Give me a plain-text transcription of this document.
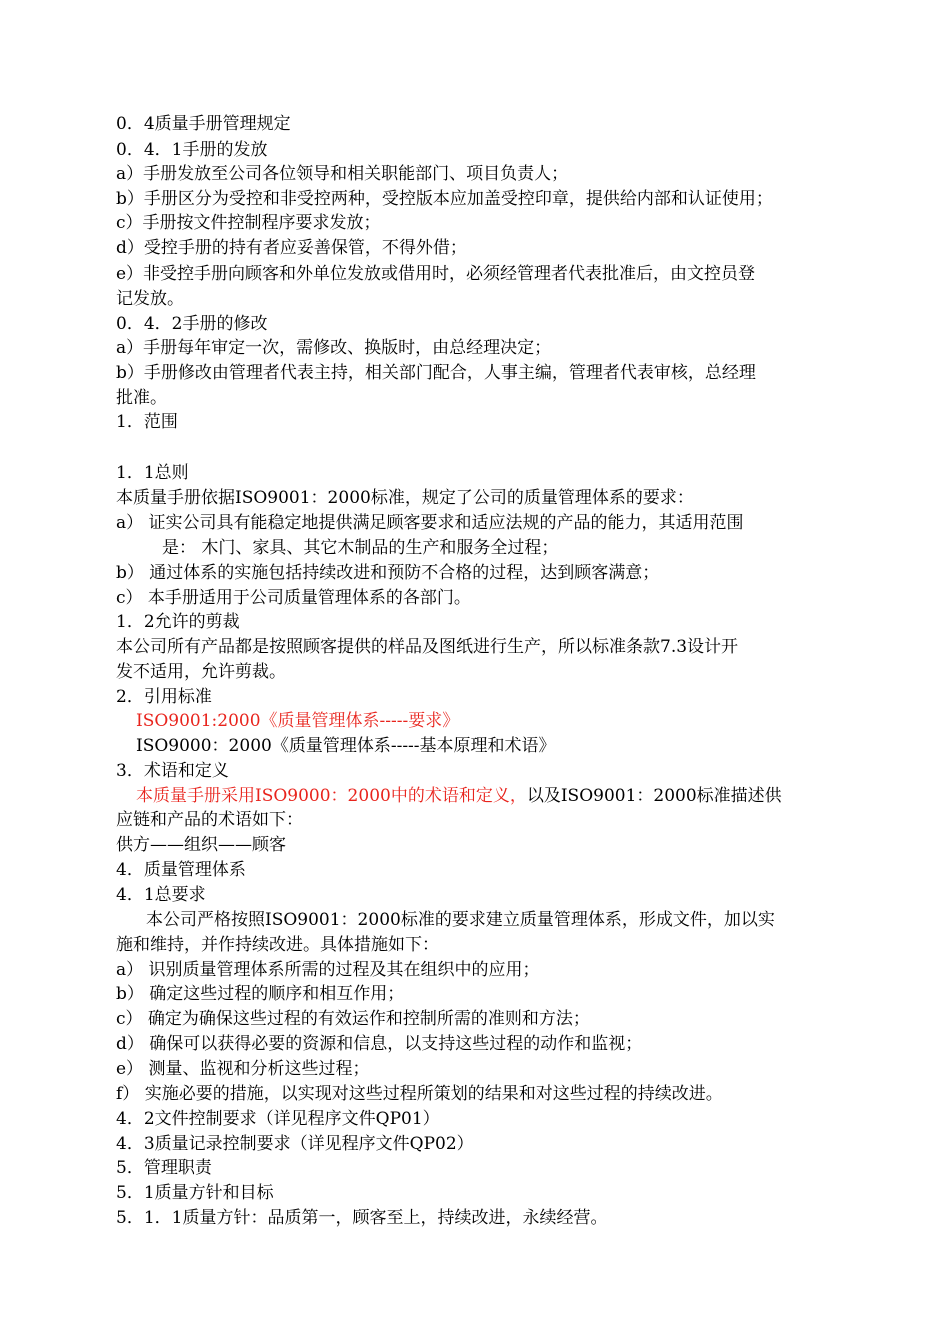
0．4质量手册管理规定
0．4．1手册的发放
a）手册发放至公司各位领导和相关职能部门、项目负责人；
b）手册区分为受控和非受控两种，受控版本应加盖受控印章，提供给内部和认证使用；
c）手册按文件控制程序要求发放；
d）受控手册的持有者应妥善保管，不得外借；
e）非受控手册向顾客和外单位发放或借用时，必须经管理者代表批准后，由文控员登
记发放。
0．4．2手册的修改
a）手册每年审定一次，需修改、换版时，由总经理决定；
b）手册修改由管理者代表主持，相关部门配合，人事主编，管理者代表审核，总经理
批准。
1．范围
1．1总则
本质量手册依据ISO9001：2000标准，规定了公司的质量管理体系的要求：
a） 证实公司具有能稳定地提供满足顾客要求和适应法规的产品的能力，其适用范围
是： 木门、家具、其它木制品的生产和服务全过程；
b） 通过体系的实施包括持续改进和预防不合格的过程，达到顾客满意；
c） 本手册适用于公司质量管理体系的各部门。
1．2允许的剪裁
本公司所有产品都是按照顾客提供的样品及图纸进行生产，所以标准条款7.3设计开
发不适用，允许剪裁。
2．引用标准
ISO9001:2000《质量管理体系-----要求》
ISO9000：2000《质量管理体系-----基本原理和术语》
3．术语和定义
本质量手册采用ISO9000：2000中的术语和定义，以及ISO9001：2000标准描述供
应链和产品的术语如下：
供方——组织——顾客
4．质量管理体系
4．1总要求
本公司严格按照ISO9001：2000标准的要求建立质量管理体系，形成文件，加以实
施和维持，并作持续改进。具体措施如下：
a） 识别质量管理体系所需的过程及其在组织中的应用；
b） 确定这些过程的顺序和相互作用；
c） 确定为确保这些过程的有效运作和控制所需的准则和方法；
d） 确保可以获得必要的资源和信息，以支持这些过程的动作和监视；
e） 测量、监视和分析这些过程；
f） 实施必要的措施，以实现对这些过程所策划的结果和对这些过程的持续改进。
4．2文件控制要求（详见程序文件QP01）
4．3质量记录控制要求（详见程序文件QP02）
5．管理职责
5．1质量方针和目标
5．1．1质量方针：品质第一，顾客至上，持续改进，永续经营。
